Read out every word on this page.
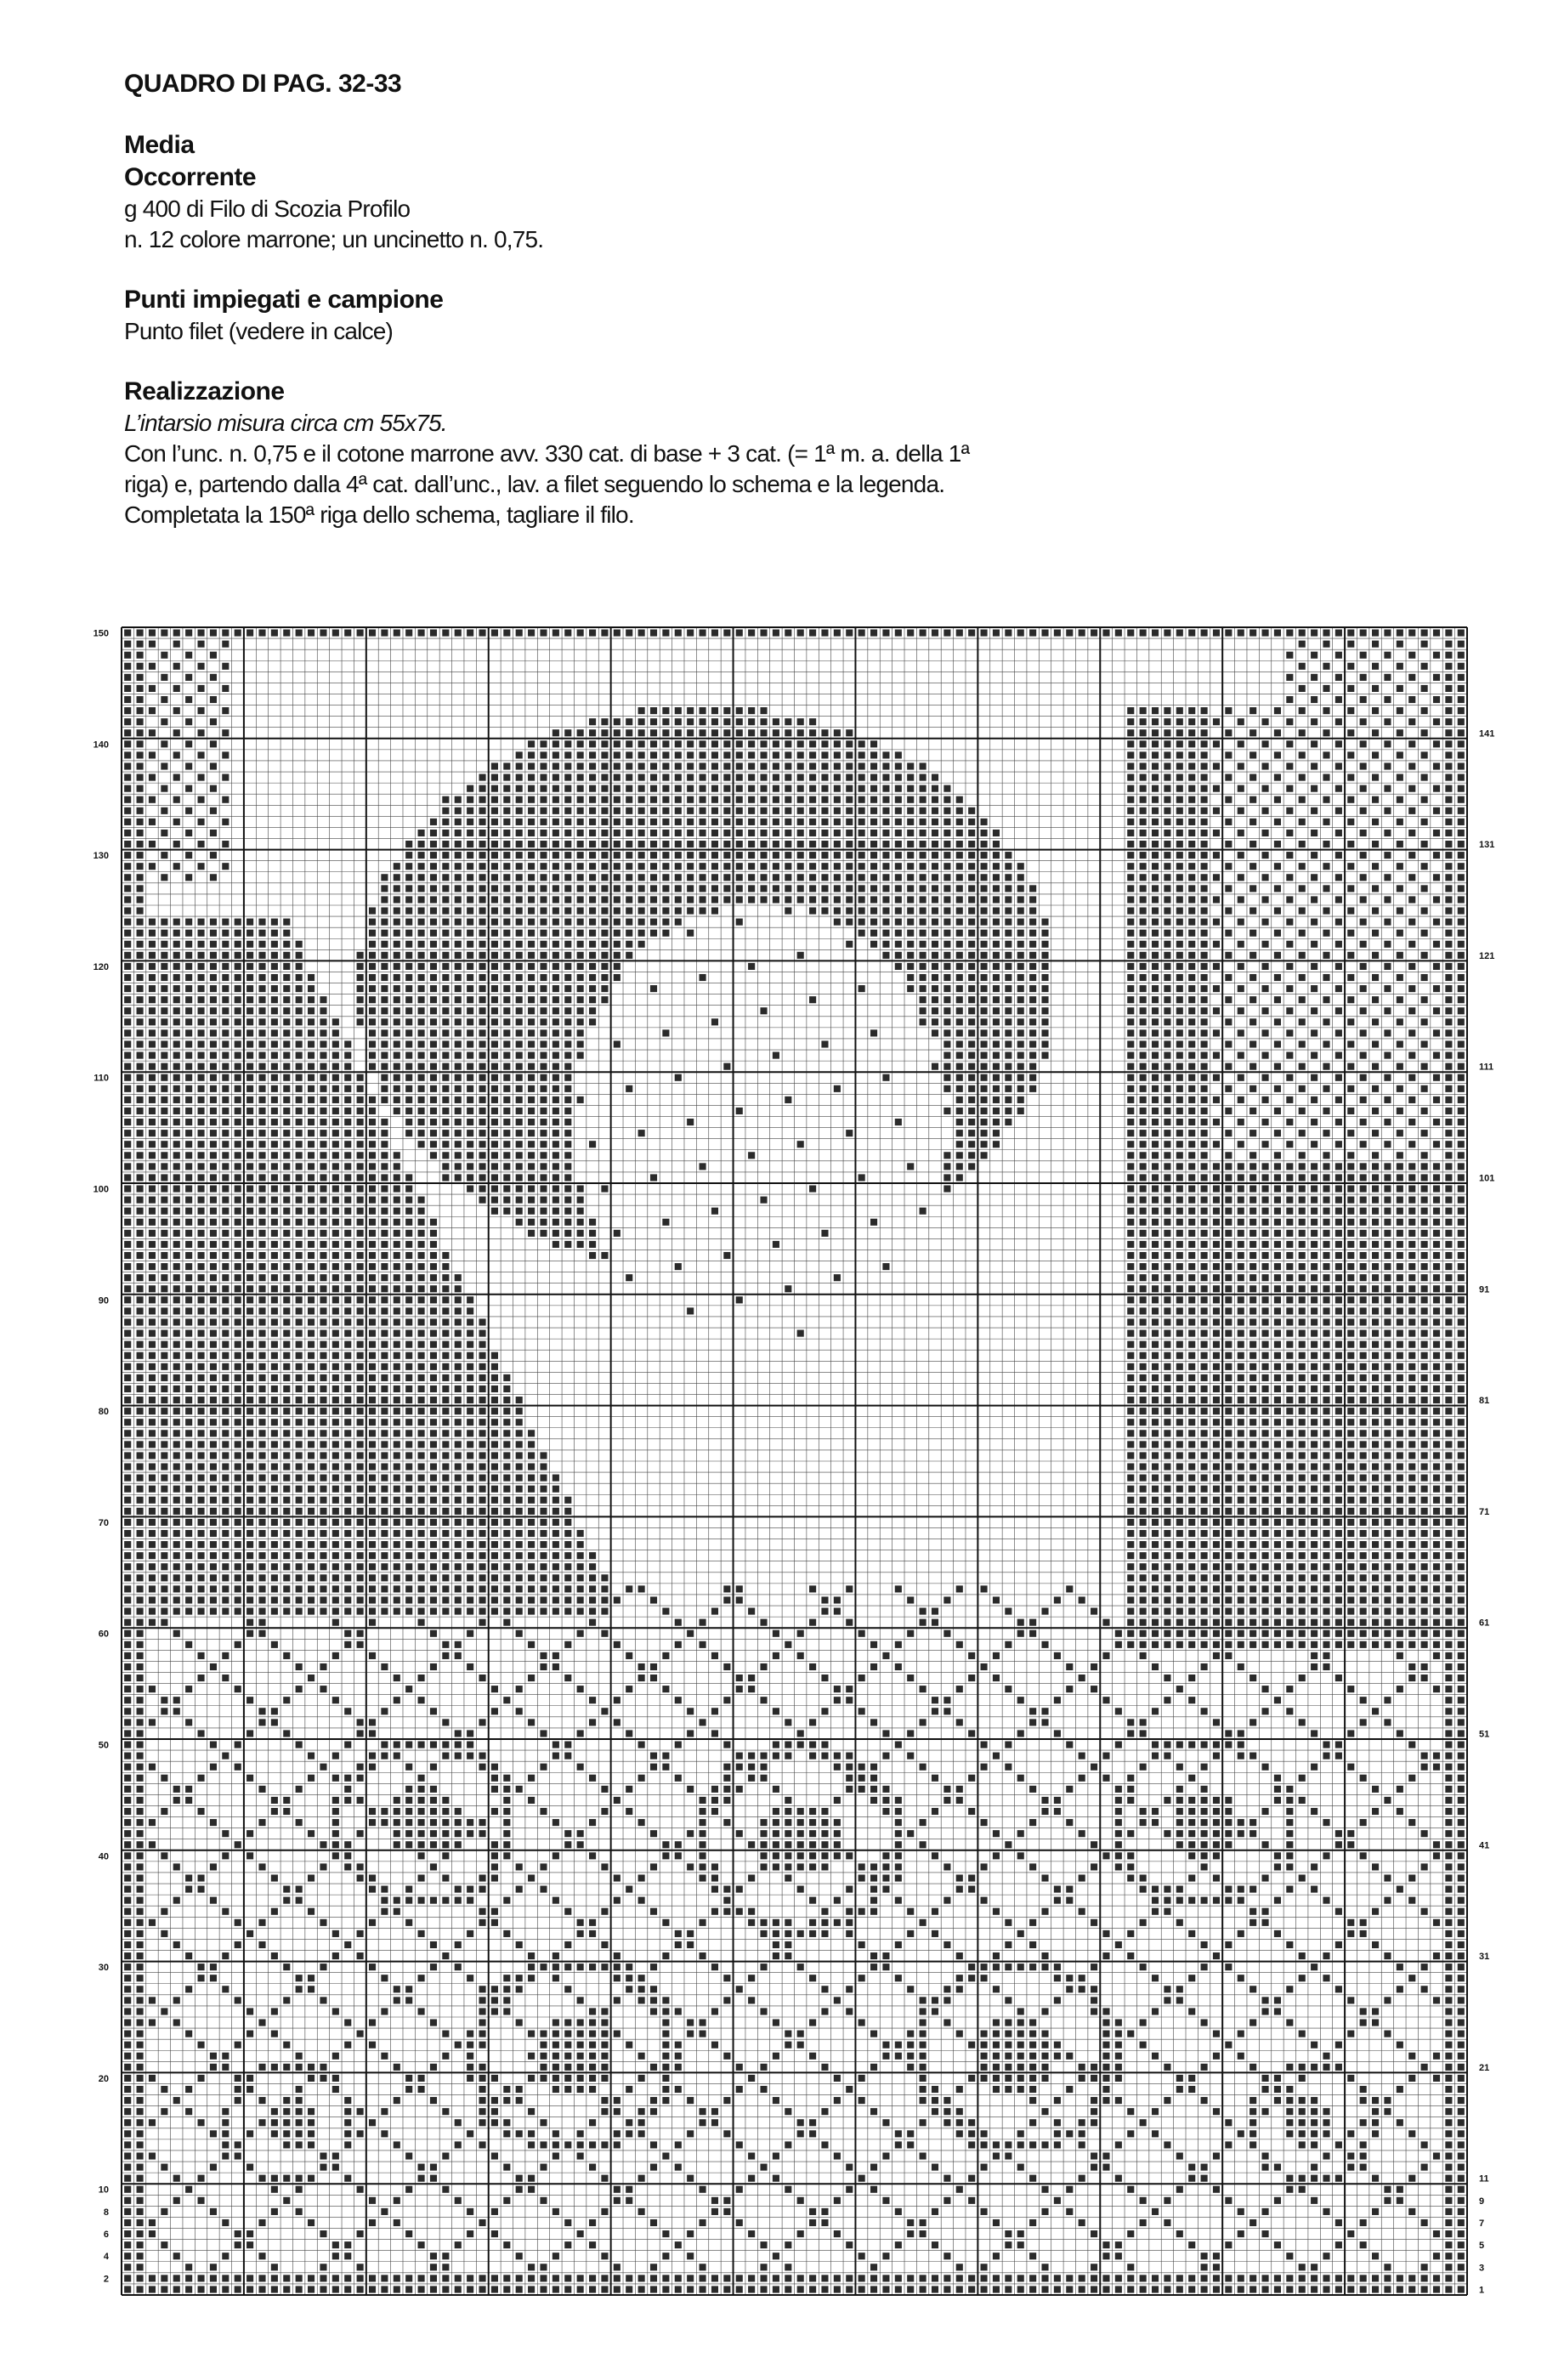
QUADRO DI PAG. 32-33

Media

Occorrente

g 400 di Filo di Scozia Profilo

n. 12 colore marrone; un uncinetto n. 0,75.

Punti impiegati e campione

Punto filet (vedere in calce)

Realizzazione

L’intarsio misura circa cm 55x75.

Con l’unc. n. 0,75 e il cotone marrone avv. 330 cat. di base + 3 cat. (= 1ª m. a. della 1ª

riga) e, partendo dalla 4ª cat. dall’unc., lav. a filet seguendo lo schema e la legenda.

Completata la 150ª riga dello schema, tagliare il filo.

150
140
130
120
110
100
90
80
70
60
50
40
30
20
10
8
6
4
2
141
131
121
111
101
91
81
71
61
51
41
31
21
11
9
7
5
3
1
